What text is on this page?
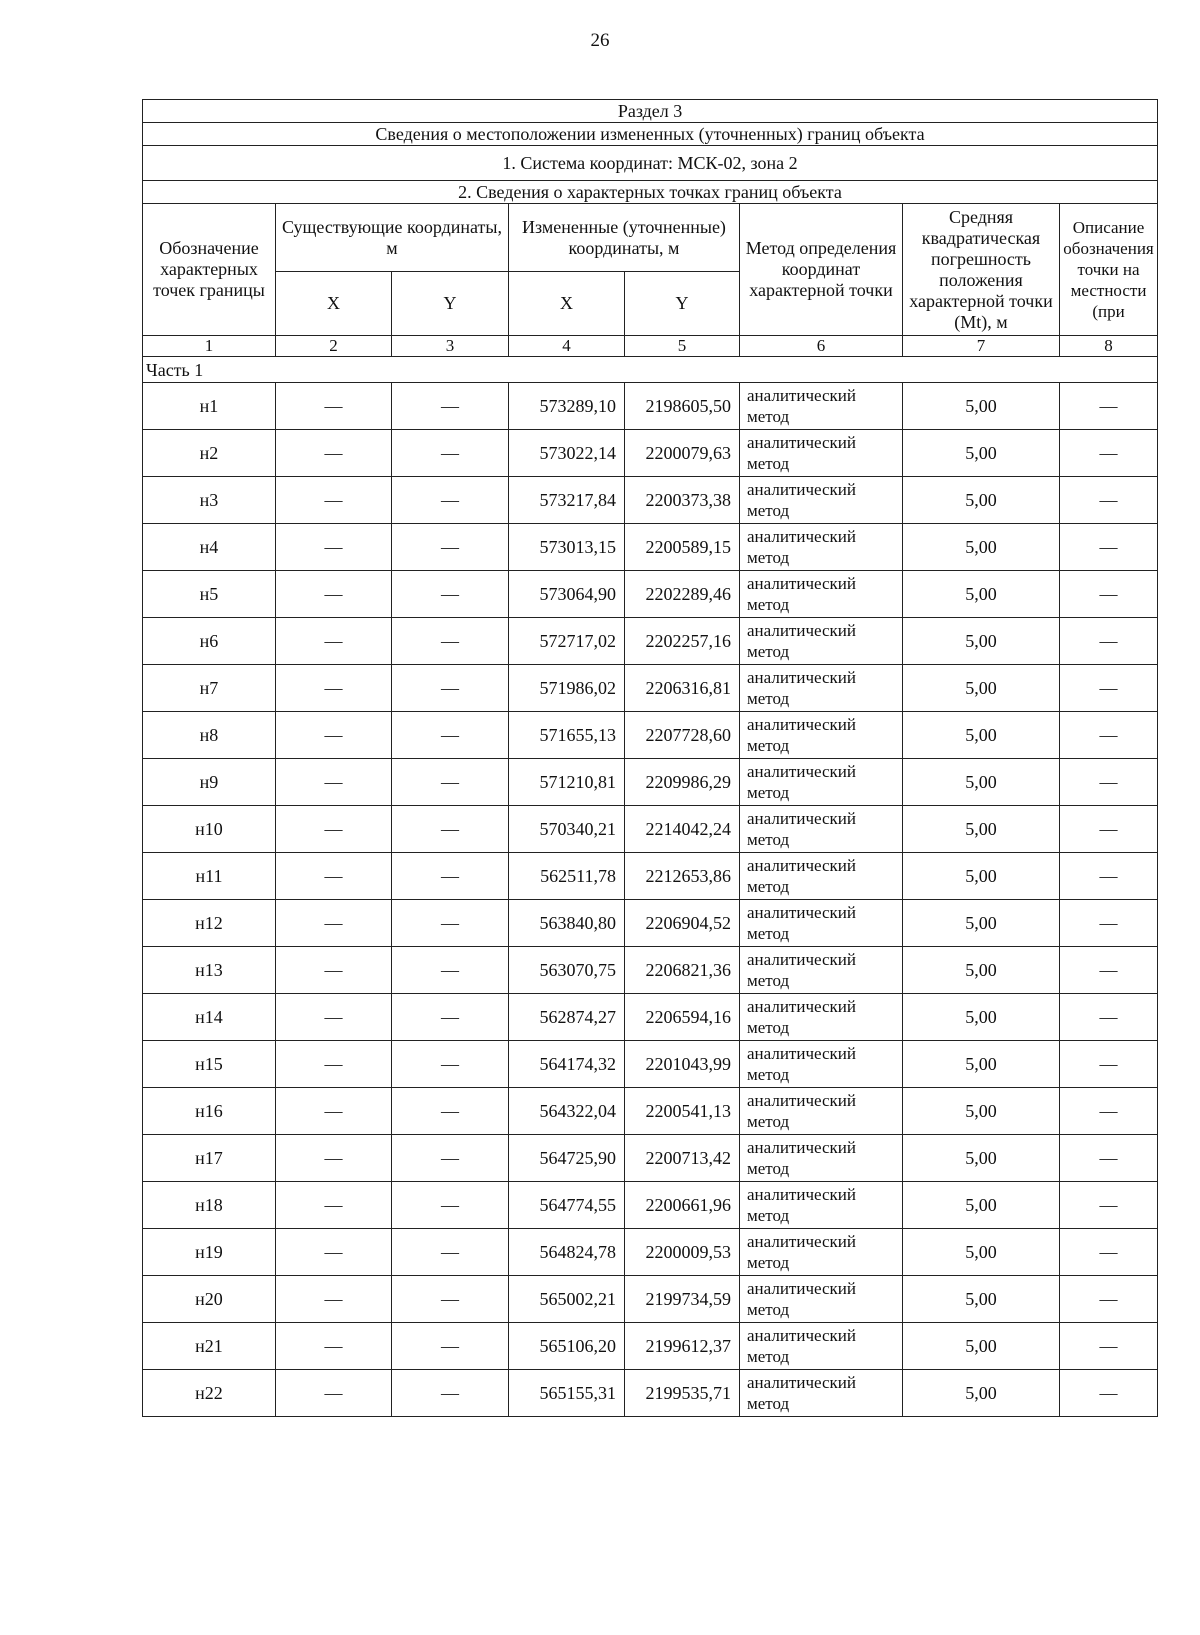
26
Раздел 3							
Сведения о местоположении измененных (уточненных) границ объекта							
1. Система координат: МСК-02, зона 2							
2. Сведения о характерных точках границ объекта							
Обозначение характерных точек границы	Существующие координаты, м		Измененные (уточненные) координаты, м		Метод определения координат характерной точки	Средняя квадратическая погрешность положения характерной точки (Mt), м	Описание обозначения точки на местности (при
	X	Y	X	Y			
1	2	3	4	5	6	7	8
Часть 1							
н1	—	—	573289,10	2198605,50	аналитический метод	5,00	—
н2	—	—	573022,14	2200079,63	аналитический метод	5,00	—
н3	—	—	573217,84	2200373,38	аналитический метод	5,00	—
н4	—	—	573013,15	2200589,15	аналитический метод	5,00	—
н5	—	—	573064,90	2202289,46	аналитический метод	5,00	—
н6	—	—	572717,02	2202257,16	аналитический метод	5,00	—
н7	—	—	571986,02	2206316,81	аналитический метод	5,00	—
н8	—	—	571655,13	2207728,60	аналитический метод	5,00	—
н9	—	—	571210,81	2209986,29	аналитический метод	5,00	—
н10	—	—	570340,21	2214042,24	аналитический метод	5,00	—
н11	—	—	562511,78	2212653,86	аналитический метод	5,00	—
н12	—	—	563840,80	2206904,52	аналитический метод	5,00	—
н13	—	—	563070,75	2206821,36	аналитический метод	5,00	—
н14	—	—	562874,27	2206594,16	аналитический метод	5,00	—
н15	—	—	564174,32	2201043,99	аналитический метод	5,00	—
н16	—	—	564322,04	2200541,13	аналитический метод	5,00	—
н17	—	—	564725,90	2200713,42	аналитический метод	5,00	—
н18	—	—	564774,55	2200661,96	аналитический метод	5,00	—
н19	—	—	564824,78	2200009,53	аналитический метод	5,00	—
н20	—	—	565002,21	2199734,59	аналитический метод	5,00	—
н21	—	—	565106,20	2199612,37	аналитический метод	5,00	—
н22	—	—	565155,31	2199535,71	аналитический метод	5,00	—
